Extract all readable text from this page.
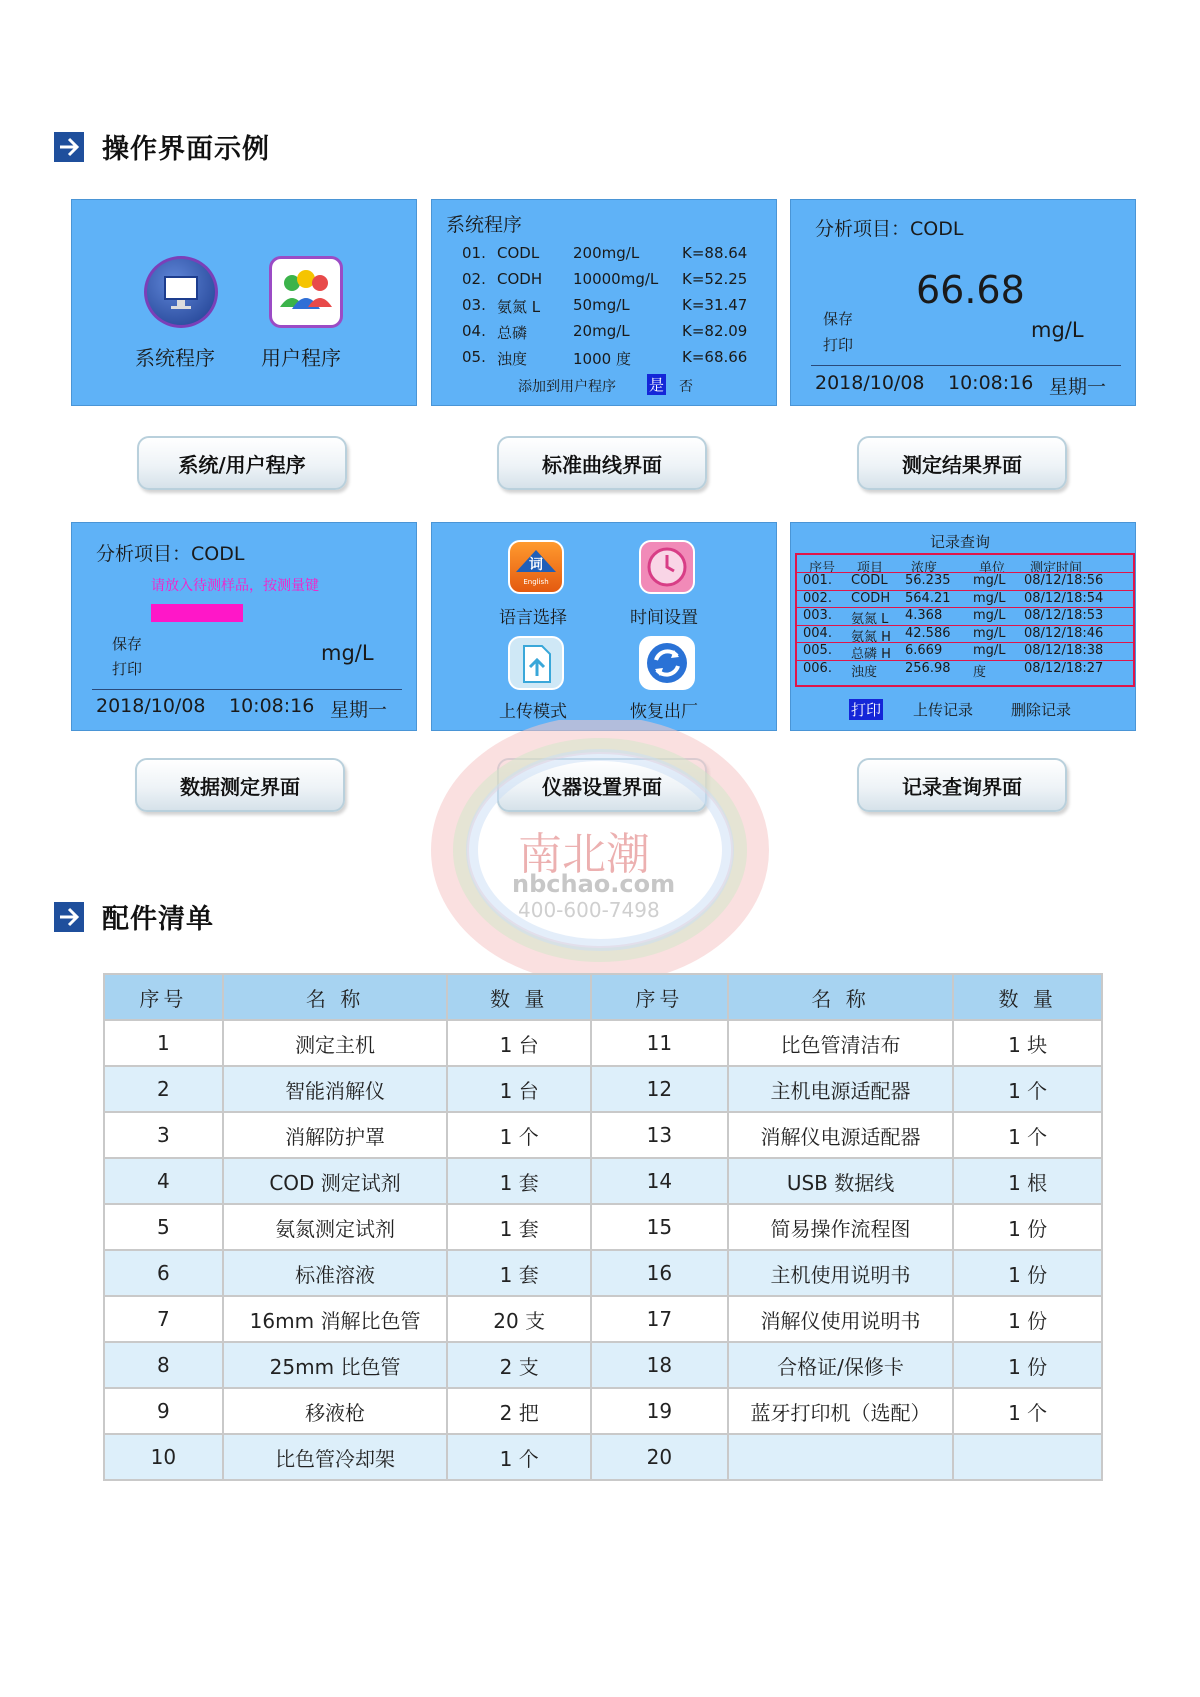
操作界面示例
系统程序 用户程序
系统程序
01. CODL 200mg/L	K=88.64
02. CODH 10000mg/L K=52.25
03. 氨氮 L 50mg/L	K=31.47
04. 总磷	20mg/L	K=82.09
05. 浊度	1000 度	K=68.66
添加到用户程序 是 否
分析项目：CODL
66.68
保存
打印
mg/L
2018/10/08 10:08:16 星期一
系统/用户程序	标准曲线界面	测定结果界面
分析项目：CODL
请放入待测样品，按测量键
保存
打印
mg/L
2018/10/08 10:08:16 星期一
词
English
语言选择	时间设置
上传模式	恢复出厂
记录查询
序号 项目 浓度	单位 测定时间
001. CODL 56.235 mg/L 08/12/18:56
002. CODH 564.21 mg/L 08/12/18:54
003. 氨氮 L 4.368 mg/L 08/12/18:53
004. 氨氮 H 42.586 mg/L 08/12/18:46
005. 总磷 H 6.669 mg/L 08/12/18:38
006. 浊度 256.98 度	08/12/18:27
打印 上传记录	删除记录
数据测定界面	仪器设置界面	记录查询界面
南北潮
nbchao.com
400-600-7498
配件清单
序号	名 称	数 量	序号	名 称	数 量
1	测定主机	1 台	11	比色管清洁布	1 块
2	智能消解仪	1 台	12	主机电源适配器	1 个
3	消解防护罩	1 个	13	消解仪电源适配器	1 个
4	COD 测定试剂	1 套	14	USB 数据线	1 根
5	氨氮测定试剂	1 套	15	简易操作流程图	1 份
6	标准溶液	1 套	16	主机使用说明书	1 份
7	16mm 消解比色管	20 支	17	消解仪使用说明书	1 份
8	25mm 比色管	2 支	18	合格证/保修卡	1 份
9	移液枪	2 把	19	蓝牙打印机（选配）	1 个
10	比色管冷却架	1 个	20		
